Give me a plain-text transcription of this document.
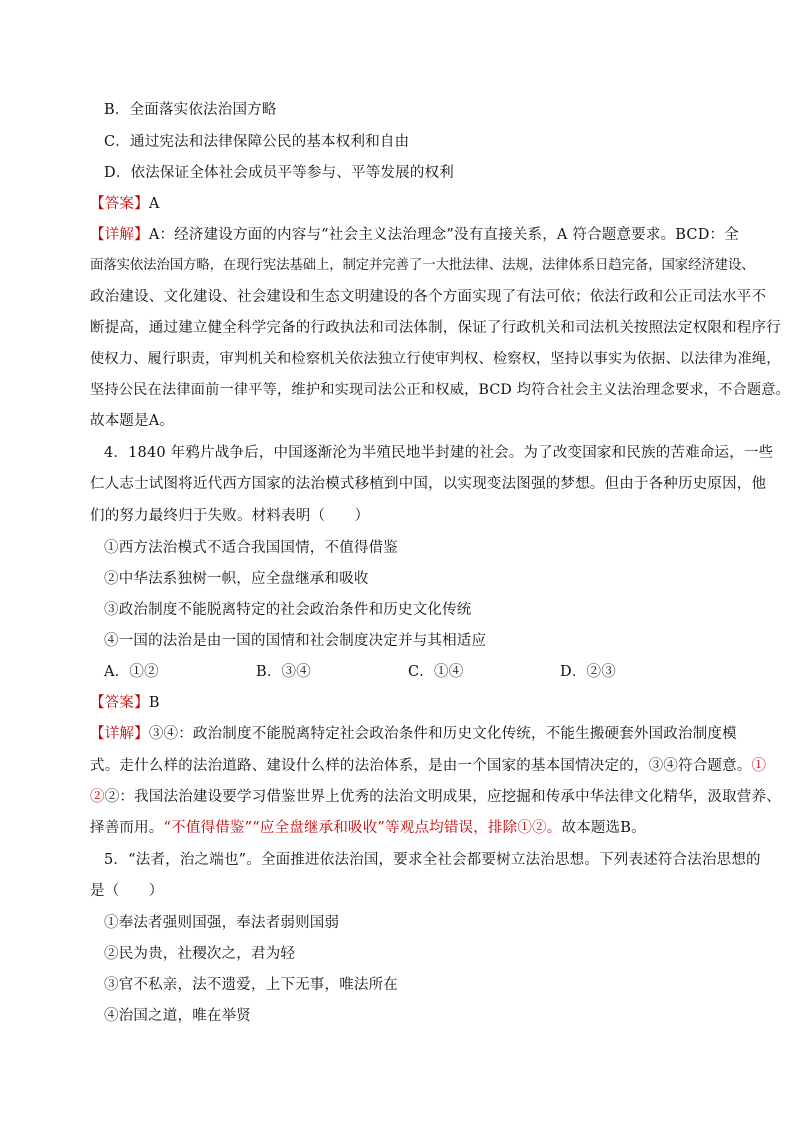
B．全面落实依法治国方略
C．通过宪法和法律保障公民的基本权利和自由
D．依法保证全体社会成员平等参与、平等发展的权利
【答案】A
【详解】A：经济建设方面的内容与“社会主义法治理念”没有直接关系，A 符合题意要求。BCD：全
面落实依法治国方略，在现行宪法基础上，制定并完善了一大批法律、法规，法律体系日趋完备，国家经济建设、
政治建设、文化建设、社会建设和生态文明建设的各个方面实现了有法可依；依法行政和公正司法水平不
断提高，通过建立健全科学完备的行政执法和司法体制，保证了行政机关和司法机关按照法定权限和程序行
使权力、履行职责，审判机关和检察机关依法独立行使审判权、检察权，坚持以事实为依据、以法律为准绳，
坚持公民在法律面前一律平等，维护和实现司法公正和权威，BCD 均符合社会主义法治理念要求，不合题意。
故本题是A。
4．1840 年鸦片战争后，中国逐渐沦为半殖民地半封建的社会。为了改变国家和民族的苦难命运，一些
仁人志士试图将近代西方国家的法治模式移植到中国，以实现变法图强的梦想。但由于各种历史原因，他
们的努力最终归于失败。材料表明（　　）
①西方法治模式不适合我国国情，不值得借鉴
②中华法系独树一帜，应全盘继承和吸收
③政治制度不能脱离特定的社会政治条件和历史文化传统
④一国的法治是由一国的国情和社会制度决定并与其相适应
A．①②	B．③④	C．①④	D．②③
【答案】B
【详解】③④：政治制度不能脱离特定社会政治条件和历史文化传统，不能生搬硬套外国政治制度模
式。走什么样的法治道路、建设什么样的法治体系，是由一个国家的基本国情决定的，③④符合题意。①
②②：我国法治建设要学习借鉴世界上优秀的法治文明成果，应挖掘和传承中华法律文化精华，汲取营养、
择善而用。“不值得借鉴”“应全盘继承和吸收”等观点均错误，排除①②。故本题选B。
5．“法者，治之端也”。全面推进依法治国，要求全社会都要树立法治思想。下列表述符合法治思想的
是（　　）
①奉法者强则国强，奉法者弱则国弱
②民为贵，社稷次之，君为轻
③官不私亲，法不遗爱，上下无事，唯法所在
④治国之道，唯在举贤
